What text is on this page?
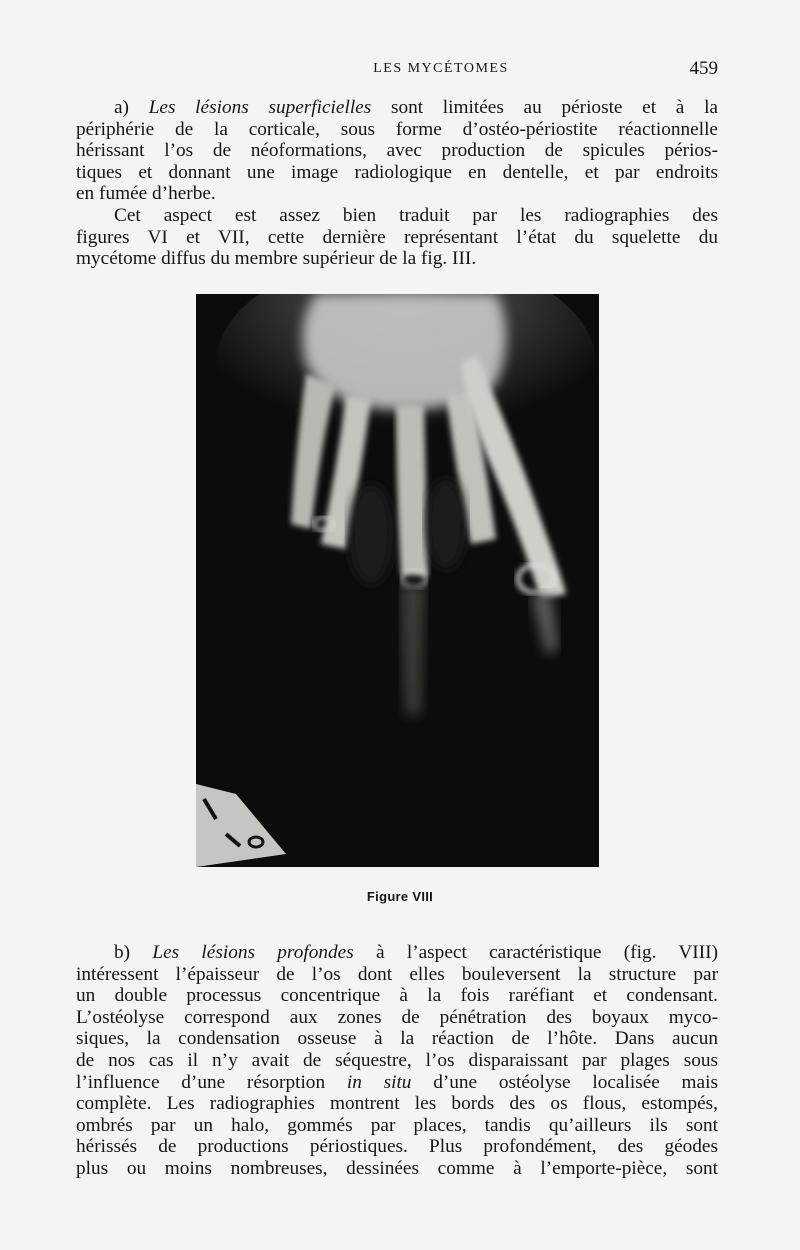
LES MYCÉTOMES	459
a) Les lésions superficielles sont limitées au périoste et à la
périphérie de la corticale, sous forme d’ostéo-périostite réactionnelle
hérissant l’os de néoformations, avec production de spicules périos-
tiques et donnant une image radiologique en dentelle, et par endroits
en fumée d’herbe.
Cet aspect est assez bien traduit par les radiographies des
figures VI et VII, cette dernière représentant l’état du squelette du
mycétome diffus du membre supérieur de la fig. III.
Figure VIII
b) Les lésions profondes à l’aspect caractéristique (fig. VIII)
intéressent l’épaisseur de l’os dont elles bouleversent la structure par
un double processus concentrique à la fois raréfiant et condensant.
L’ostéolyse correspond aux zones de pénétration des boyaux myco-
siques, la condensation osseuse à la réaction de l’hôte. Dans aucun
de nos cas il n’y avait de séquestre, l’os disparaissant par plages sous
l’influence d’une résorption in situ d’une ostéolyse localisée mais
complète. Les radiographies montrent les bords des os flous, estompés,
ombrés par un halo, gommés par places, tandis qu’ailleurs ils sont
hérissés de productions périostiques. Plus profondément, des géodes
plus ou moins nombreuses, dessinées comme à l’emporte-pièce, sont
